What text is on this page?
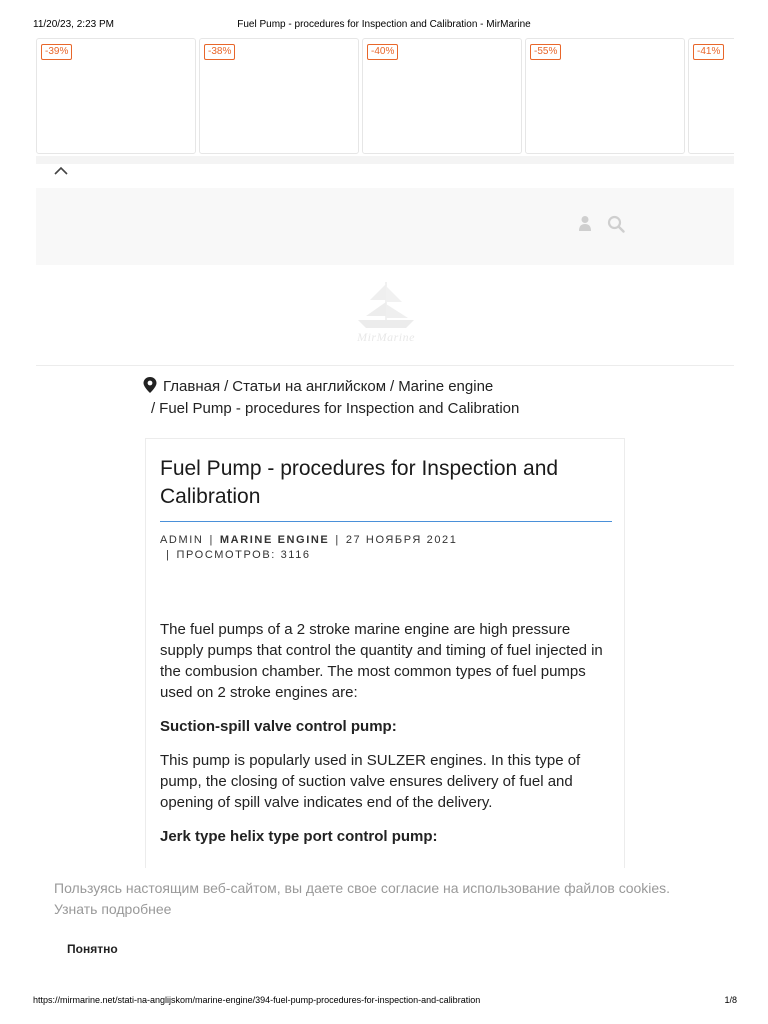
11/20/23, 2:23 PM	Fuel Pump - procedures for Inspection and Calibration - MirMarine
-39%	-38%	-40%	-55%	-41%
MirMarine
Главная / Статьи на английском / Marine engine
/ Fuel Pump - procedures for Inspection and Calibration
Fuel Pump - procedures for Inspection and Calibration
ADMIN | MARINE ENGINE | 27 НОЯБРЯ 2021
| ПРОСМОТРОВ: 3116

The fuel pumps of a 2 stroke marine engine are high pressure supply pumps that control the quantity and timing of fuel injected in the combusion chamber. The most common types of fuel pumps used on 2 stroke engines are:

Suction-spill valve control pump:

This pump is popularly used in SULZER engines. In this type of pump, the closing of suction valve ensures delivery of fuel and opening of spill valve indicates end of the delivery.

Jerk type helix type port control pump:
Пользуясь настоящим веб-сайтом, вы даете свое согласие на использование файлов cookies. Узнать подробнее
Понятно
https://mirmarine.net/stati-na-anglijskom/marine-engine/394-fuel-pump-procedures-for-inspection-and-calibration	1/8
